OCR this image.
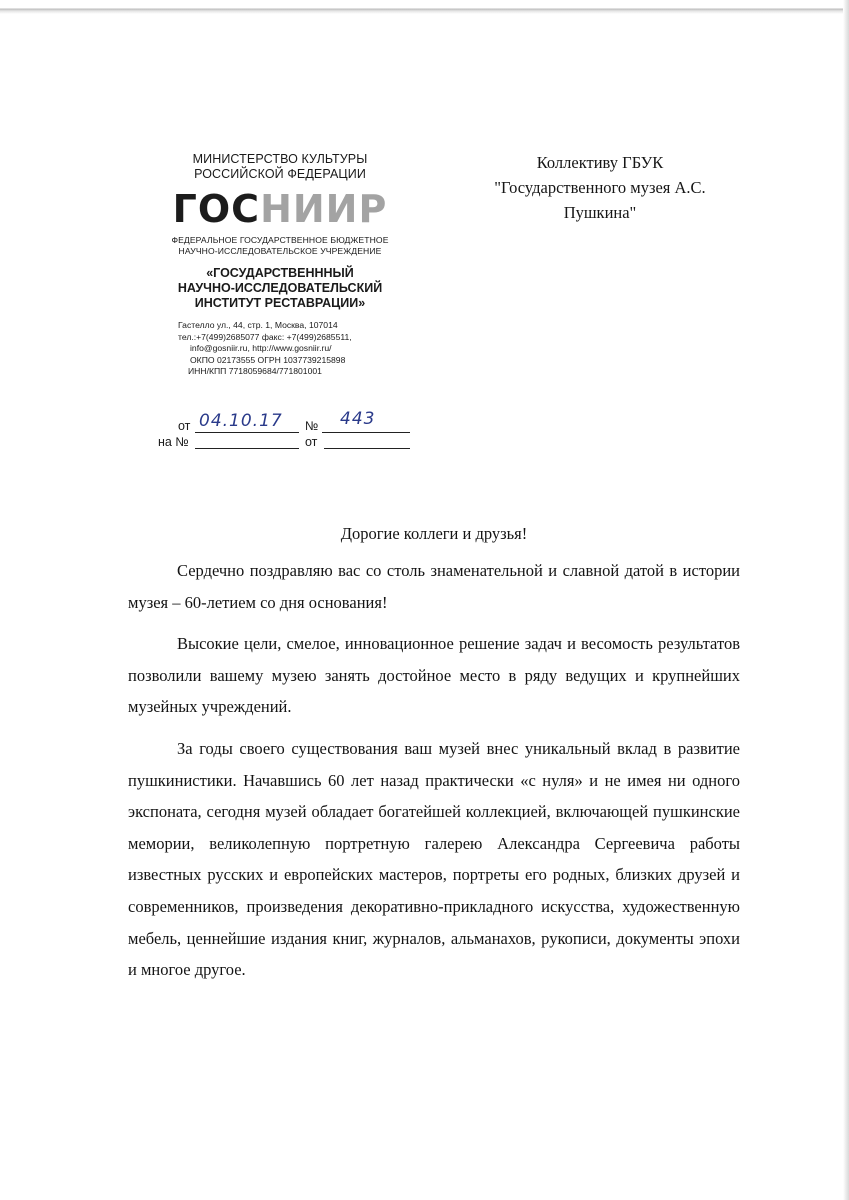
МИНИСТЕРСТВО КУЛЬТУРЫ
РОССИЙСКОЙ ФЕДЕРАЦИИ
ГОСНИИР
ФЕДЕРАЛЬНОЕ ГОСУДАРСТВЕННОЕ БЮДЖЕТНОЕ
НАУЧНО-ИССЛЕДОВАТЕЛЬСКОЕ УЧРЕЖДЕНИЕ
«ГОСУДАРСТВЕНННЫЙ
НАУЧНО-ИССЛЕДОВАТЕЛЬСКИЙ
ИНСТИТУТ РЕСТАВРАЦИИ»
Гастелло ул., 44, стр. 1, Москва, 107014
тел.:+7(499)2685077 факс: +7(499)2685511,
info@gosniir.ru, http://www.gosniir.ru/
ОКПО 02173555 ОГРН 1037739215898
ИНН/КПП 7718059684/771801001
от 04.10.17 № 443
на №	от
Коллективу ГБУК
"Государственного музея А.С.
Пушкина"
Дорогие коллеги и друзья!

Сердечно поздравляю вас со столь знаменательной и славной датой в истории музея – 60-летием со дня основания!

Высокие цели, смелое, инновационное решение задач и весомость результатов позволили вашему музею занять достойное место в ряду ведущих и крупнейших музейных учреждений.

За годы своего существования ваш музей внес уникальный вклад в развитие пушкинистики. Начавшись 60 лет назад практически «с нуля» и не имея ни одного экспоната, сегодня музей обладает богатейшей коллекцией, включающей пушкинские мемории, великолепную портретную галерею Александра Сергеевича работы известных русских и европейских мастеров, портреты его родных, близких друзей и современников, произведения декоративно-прикладного искусства, художественную мебель, ценнейшие издания книг, журналов, альманахов, рукописи, документы эпохи и многое другое.
